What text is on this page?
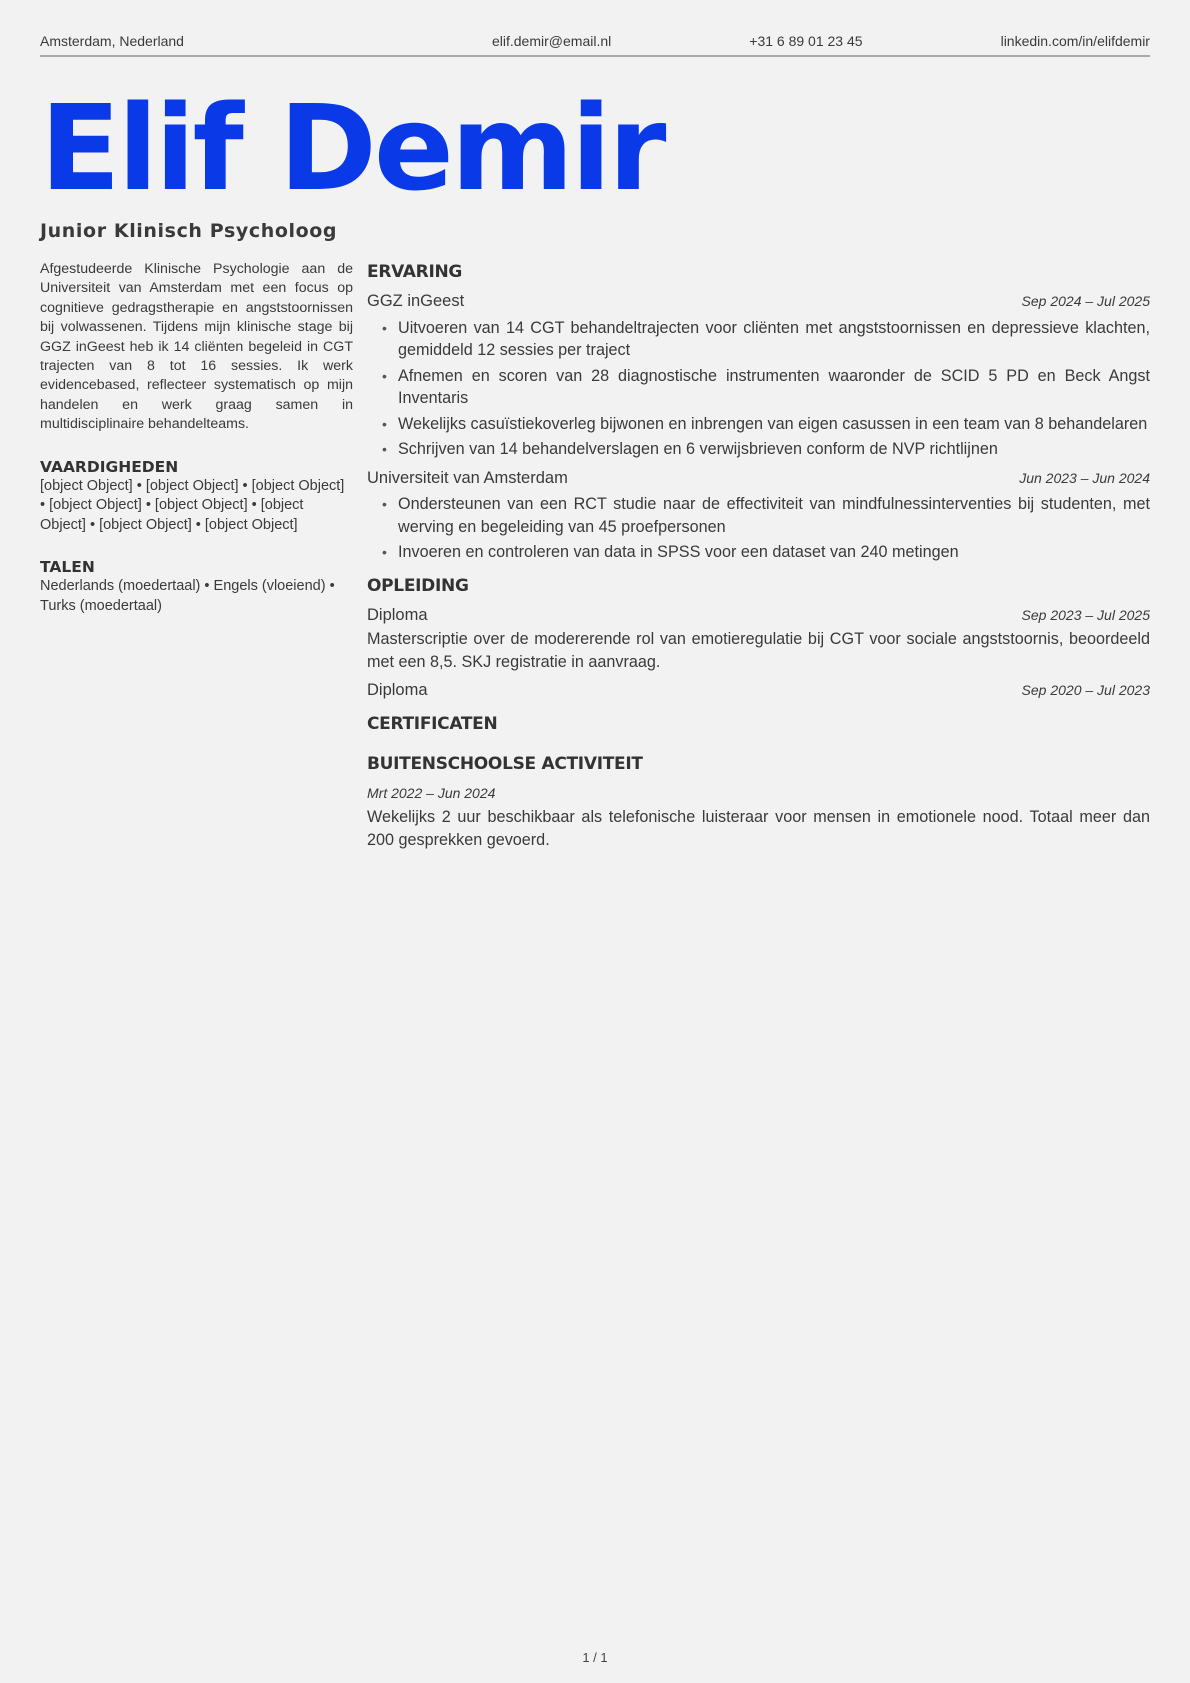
Amsterdam, Nederland	elif.demir@email.nl	+31 6 89 01 23 45	linkedin.com/in/elifdemir
Elif Demir
Junior Klinisch Psycholoog

Afgestudeerde Klinische Psychologie aan de Universiteit van Amsterdam met een focus op cognitieve gedragstherapie en angststoornissen bij volwassenen. Tijdens mijn klinische stage bij GGZ inGeest heb ik 14 cliënten begeleid in CGT trajecten van 8 tot 16 sessies. Ik werk evidencebased, reflecteer systematisch op mijn handelen en werk graag samen in multidisciplinaire behandelteams.

VAARDIGHEDEN

[object Object] • [object Object] • [object Object] • [object Object] • [object Object] • [object Object] • [object Object] • [object Object]

TALEN

Nederlands (moedertaal) • Engels (vloeiend) • Turks (moedertaal)

ERVARING
GGZ inGeest	Sep 2024 – Jul 2025
• Uitvoeren van 14 CGT behandeltrajecten voor cliënten met angststoornissen en depressieve klachten, gemiddeld 12 sessies per traject
• Afnemen en scoren van 28 diagnostische instrumenten waaronder de SCID 5 PD en Beck Angst Inventaris
• Wekelijks casuïstiekoverleg bijwonen en inbrengen van eigen casussen in een team van 8 behandelaren
• Schrijven van 14 behandelverslagen en 6 verwijsbrieven conform de NVP richtlijnen
Universiteit van Amsterdam	Jun 2023 – Jun 2024
• Ondersteunen van een RCT studie naar de effectiviteit van mindfulnessinterventies bij studenten, met werving en begeleiding van 45 proefpersonen
• Invoeren en controleren van data in SPSS voor een dataset van 240 metingen
OPLEIDING
Diploma	Sep 2023 – Jul 2025

Masterscriptie over de modererende rol van emotieregulatie bij CGT voor sociale angststoornis, beoordeeld met een 8,5. SKJ registratie in aanvraag.

Diploma	Sep 2020 – Jul 2023
CERTIFICATEN
BUITENSCHOOLSE ACTIVITEIT
Mrt 2022 – Jun 2024

Wekelijks 2 uur beschikbaar als telefonische luisteraar voor mensen in emotionele nood. Totaal meer dan 200 gesprekken gevoerd.

1 / 1
